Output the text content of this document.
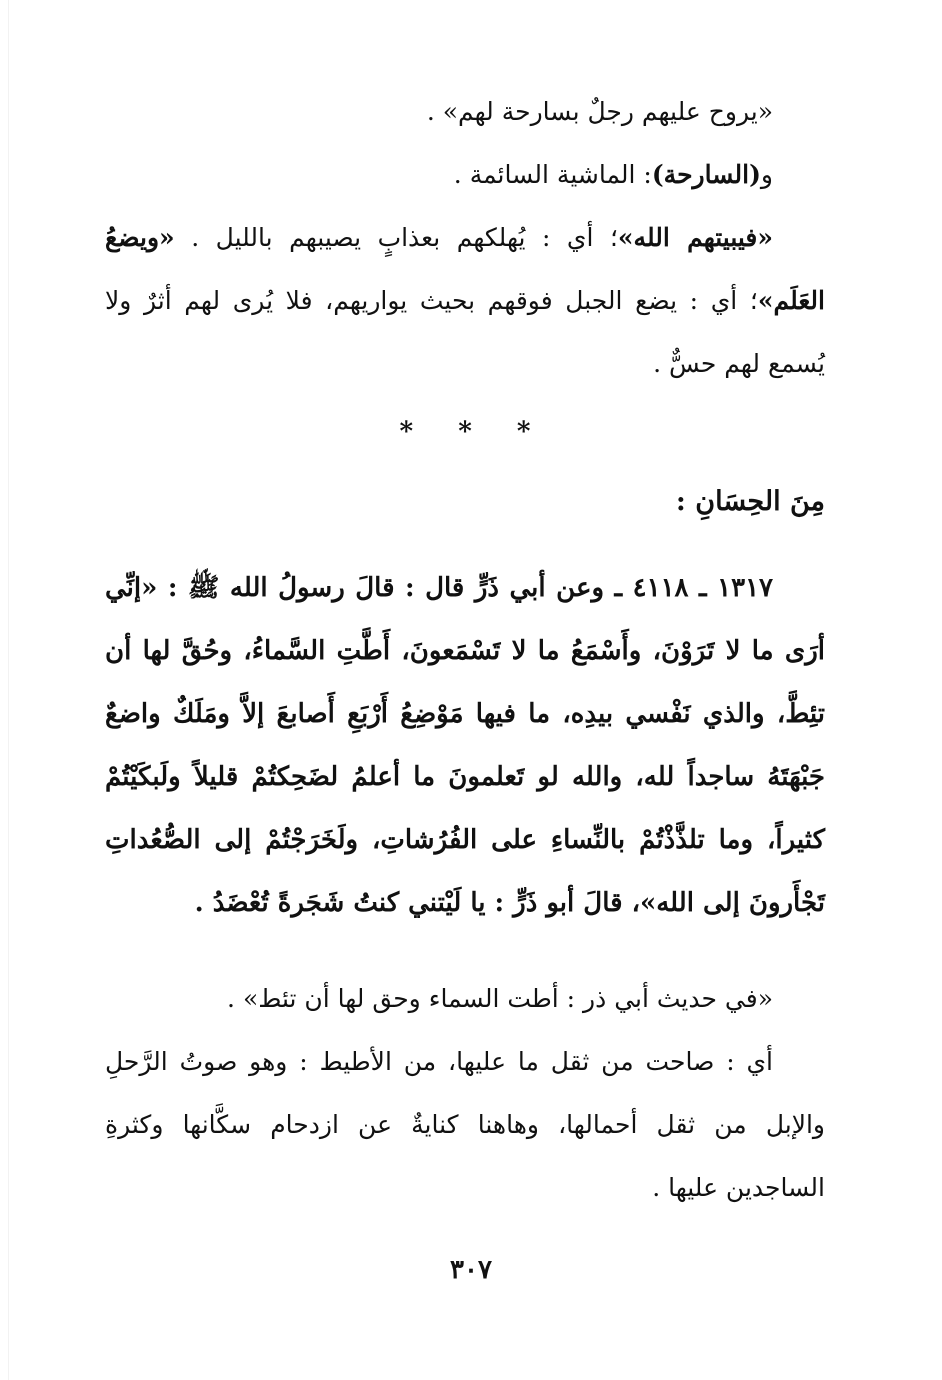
«يروح عليهم رجلٌ بسارحة لهم» .

و(السارحة): الماشية السائمة .

«فيبيتهم الله»؛ أي : يُهلكهم بعذابٍ يصيبهم بالليل . «ويضعُ العَلَم»؛ أي : يضع الجبل فوقهم بحيث يواريهم، فلا يُرى لهم أثرٌ ولا يُسمع لهم حسٌّ .

* * *
مِنَ الحِسَانِ :

١٣١٧ ـ ٤١١٨ ـ وعن أبي ذَرٍّ قال : قالَ رسولُ الله ﷺ : «إنِّي أرَى ما لا تَرَوْنَ، وأَسْمَعُ ما لا تَسْمَعونَ، أَطَّتِ السَّماءُ، وحُقَّ لها أن تئِطَّ، والذي نَفْسي بيدِه، ما فيها مَوْضِعُ أَرْبَعِ أَصابعَ إلاَّ ومَلَكٌ واضعٌ جَبْهَتَهُ ساجداً لله، والله لو تَعلمونَ ما أعلمُ لضَحِكتُمْ قليلاً ولَبكَيْتُمْ كثيراً، وما تلذَّذْتُمْ بالنِّساءِ على الفُرُشاتِ، ولَخَرَجْتُمْ إلى الصُّعُداتِ تَجْأَرونَ إلى الله»، قالَ أبو ذَرٍّ : يا لَيْتني كنتُ شَجَرةً تُعْضَدُ .

«في حديث أبي ذر : أطت السماء وحق لها أن تئط» .

أي : صاحت من ثقل ما عليها، من الأطيط : وهو صوتُ الرَّحلِ والإبل من ثقل أحمالها، وهاهنا كنايةٌ عن ازدحام سكَّانها وكثرةِ الساجدين عليها .

٣٠٧
